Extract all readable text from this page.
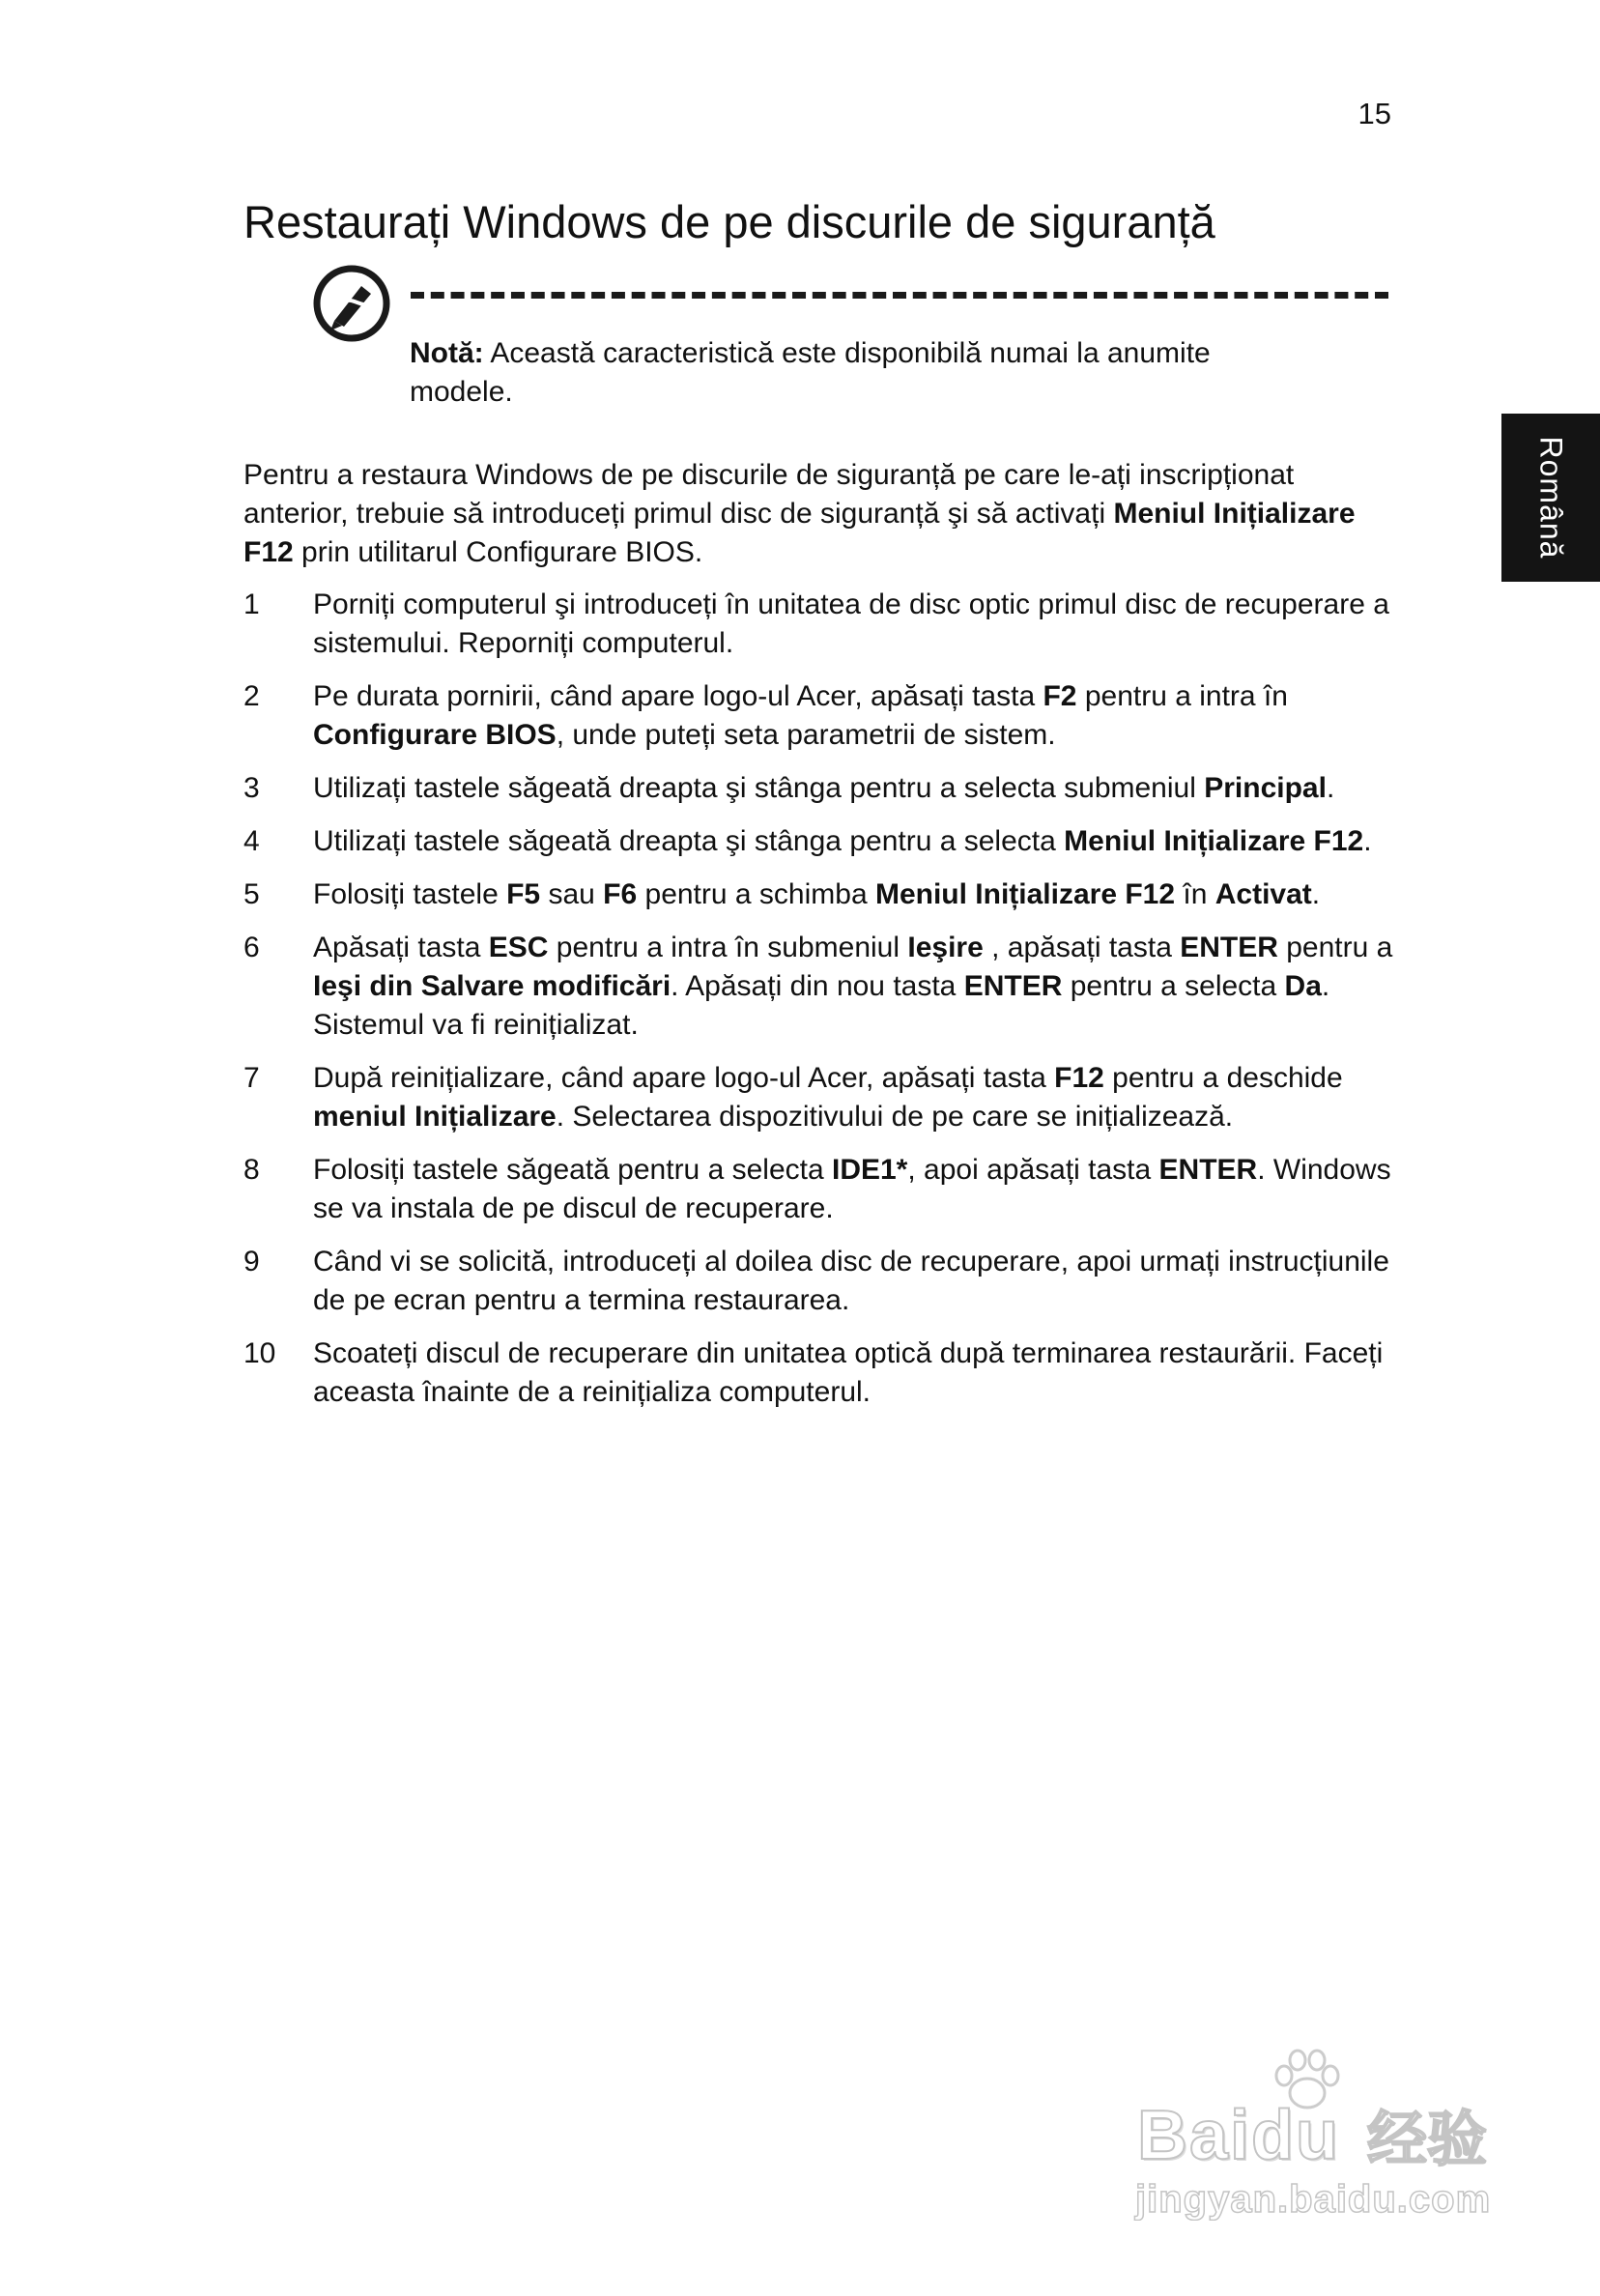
15
Restaurați Windows de pe discurile de siguranță
Notă: Această caracteristică este disponibilă numai la anumite modele.
Română
Pentru a restaura Windows de pe discurile de siguranță pe care le-ați inscripționat anterior, trebuie să introduceți primul disc de siguranță şi să activați Meniul Inițializare F12 prin utilitarul Configurare BIOS.
1 Porniți computerul şi introduceți în unitatea de disc optic primul disc de recuperare a sistemului. Reporniți computerul.
2 Pe durata pornirii, când apare logo-ul Acer, apăsați tasta F2 pentru a intra în Configurare BIOS, unde puteți seta parametrii de sistem.
3 Utilizați tastele săgeată dreapta şi stânga pentru a selecta submeniul Principal.
4 Utilizați tastele săgeată dreapta şi stânga pentru a selecta Meniul Inițializare F12.
5 Folosiți tastele F5 sau F6 pentru a schimba Meniul Inițializare F12 în Activat.
6 Apăsați tasta ESC pentru a intra în submeniul Ieşire , apăsați tasta ENTER pentru a Ieşi din Salvare modificări. Apăsați din nou tasta ENTER pentru a selecta Da. Sistemul va fi reinițializat.
7 După reinițializare, când apare logo-ul Acer, apăsați tasta F12 pentru a deschide meniul Inițializare. Selectarea dispozitivului de pe care se inițializează.
8 Folosiți tastele săgeată pentru a selecta IDE1*, apoi apăsați tasta ENTER. Windows se va instala de pe discul de recuperare.
9 Când vi se solicită, introduceți al doilea disc de recuperare, apoi urmați instrucțiunile de pe ecran pentru a termina restaurarea.
10 Scoateți discul de recuperare din unitatea optică după terminarea restaurării. Faceți aceasta înainte de a reinițializa computerul.
Baidu 经验
jingyan.baidu.com
